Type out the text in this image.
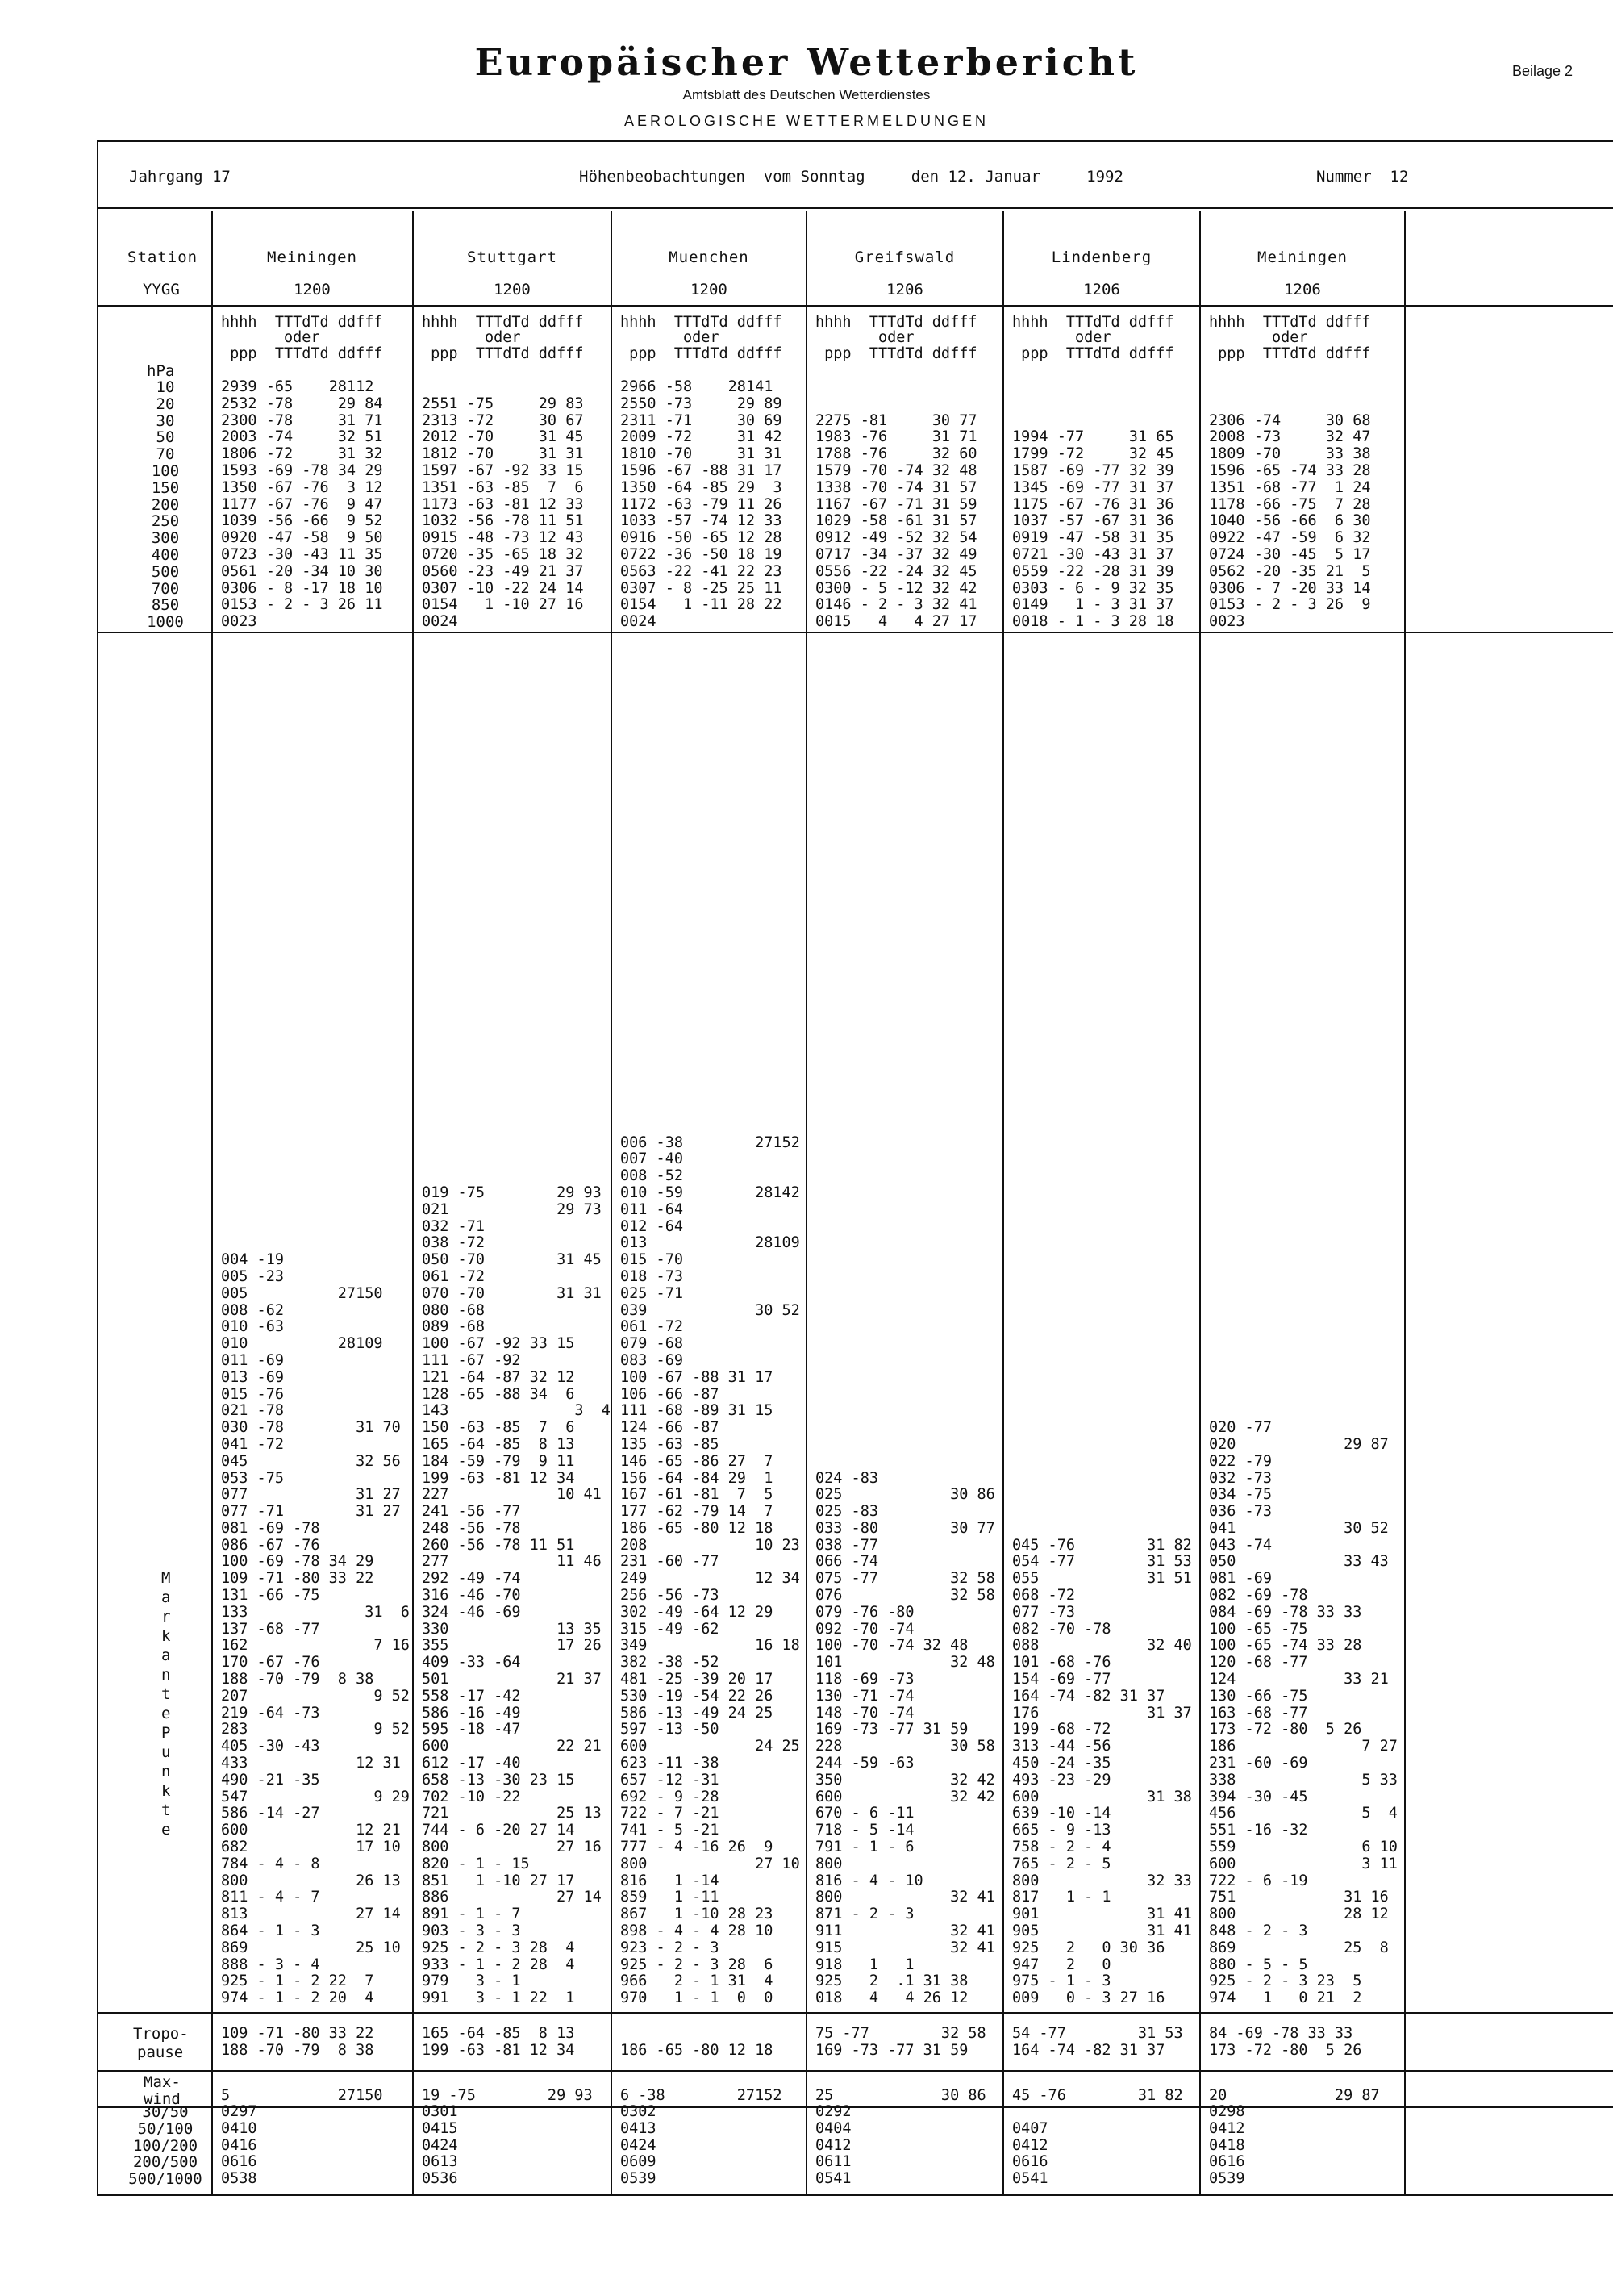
Europäischer Wetterbericht
Amtsblatt des Deutschen Wetterdienstes
AEROLOGISCHE WETTERMELDUNGEN
Beilage 2
Jahrgang 17	Höhenbeobachtungen  vom Sonntag     den 12. Januar     1992	Nummer  12
Station
YYGG
hPa
10
20
30
50
70
100
150
200
250
300
400
500
700
850
1000
M
a
r
k
a
n
t
e
P
u
n
k
t
e
Tropo-
pause
Max-
wind
30/50
50/100
100/200
200/500
500/1000
Meiningen
1200
hhhh  TTTdTd ddfff
oder
ppp  TTTdTd ddfff
2939 -65    28112
2532 -78     29 84
2300 -78     31 71
2003 -74     32 51
1806 -72     31 32
1593 -69 -78 34 29
1350 -67 -76  3 12
1177 -67 -76  9 47
1039 -56 -66  9 52
0920 -47 -58  9 50
0723 -30 -43 11 35
0561 -20 -34 10 30
0306 - 8 -17 18 10
0153 - 2 - 3 26 11
0023
004 -19
005 -23
005          27150
008 -62
010 -63
010          28109
011 -69
013 -69
015 -76
021 -78
030 -78        31 70
041 -72
045            32 56
053 -75
077            31 27
077 -71        31 27
081 -69 -78
086 -67 -76
100 -69 -78 34 29
109 -71 -80 33 22
131 -66 -75
133             31  6
137 -68 -77
162              7 16
170 -67 -76
188 -70 -79  8 38
207              9 52
219 -64 -73
283              9 52
405 -30 -43
433            12 31
490 -21 -35
547              9 29
586 -14 -27
600            12 21
682            17 10
784 - 4 - 8
800            26 13
811 - 4 - 7
813            27 14
864 - 1 - 3
869            25 10
888 - 3 - 4
925 - 1 - 2 22  7
974 - 1 - 2 20  4
109 -71 -80 33 22
188 -70 -79  8 38
5            27150
0297
0410
0416
0616
0538
Stuttgart
1200
hhhh  TTTdTd ddfff
oder
ppp  TTTdTd ddfff

2551 -75     29 83
2313 -72     30 67
2012 -70     31 45
1812 -70     31 31
1597 -67 -92 33 15
1351 -63 -85  7  6
1173 -63 -81 12 33
1032 -56 -78 11 51
0915 -48 -73 12 43
0720 -35 -65 18 32
0560 -23 -49 21 37
0307 -10 -22 24 14
0154   1 -10 27 16
0024
019 -75        29 93
021            29 73
032 -71
038 -72
050 -70        31 45
061 -72
070 -70        31 31
080 -68
089 -68
100 -67 -92 33 15
111 -67 -92
121 -64 -87 32 12
128 -65 -88 34  6
143              3  4
150 -63 -85  7  6
165 -64 -85  8 13
184 -59 -79  9 11
199 -63 -81 12 34
227            10 41
241 -56 -77
248 -56 -78
260 -56 -78 11 51
277            11 46
292 -49 -74
316 -46 -70
324 -46 -69
330            13 35
355            17 26
409 -33 -64
501            21 37
558 -17 -42
586 -16 -49
595 -18 -47
600            22 21
612 -17 -40
658 -13 -30 23 15
702 -10 -22
721            25 13
744 - 6 -20 27 14
800            27 16
820 - 1 - 15
851   1 -10 27 17
886            27 14
891 - 1 - 7
903 - 3 - 3
925 - 2 - 3 28  4
933 - 1 - 2 28  4
979   3 - 1
991   3 - 1 22  1
165 -64 -85  8 13
199 -63 -81 12 34
19 -75        29 93
0301
0415
0424
0613
0536
Muenchen
1200
hhhh  TTTdTd ddfff
oder
ppp  TTTdTd ddfff
2966 -58    28141
2550 -73     29 89
2311 -71     30 69
2009 -72     31 42
1810 -70     31 31
1596 -67 -88 31 17
1350 -64 -85 29  3
1172 -63 -79 11 26
1033 -57 -74 12 33
0916 -50 -65 12 28
0722 -36 -50 18 19
0563 -22 -41 22 23
0307 - 8 -25 25 11
0154   1 -11 28 22
0024
006 -38        27152
007 -40
008 -52
010 -59        28142
011 -64
012 -64
013            28109
015 -70
018 -73
025 -71
039            30 52
061 -72
079 -68
083 -69
100 -67 -88 31 17
106 -66 -87
111 -68 -89 31 15
124 -66 -87
135 -63 -85
146 -65 -86 27  7
156 -64 -84 29  1
167 -61 -81  7  5
177 -62 -79 14  7
186 -65 -80 12 18
208            10 23
231 -60 -77
249            12 34
256 -56 -73
302 -49 -64 12 29
315 -49 -62
349            16 18
382 -38 -52
481 -25 -39 20 17
530 -19 -54 22 26
586 -13 -49 24 25
597 -13 -50
600            24 25
623 -11 -38
657 -12 -31
692 - 9 -28
722 - 7 -21
741 - 5 -21
777 - 4 -16 26  9
800            27 10
816   1 -14
859   1 -11
867   1 -10 28 23
898 - 4 - 4 28 10
923 - 2 - 3
925 - 2 - 3 28  6
966   2 - 1 31  4
970   1 - 1  0  0

186 -65 -80 12 18
6 -38        27152
0302
0413
0424
0609
0539
Greifswald
1206
hhhh  TTTdTd ddfff
oder
ppp  TTTdTd ddfff

2275 -81     30 77
1983 -76     31 71
1788 -76     32 60
1579 -70 -74 32 48
1338 -70 -74 31 57
1167 -67 -71 31 59
1029 -58 -61 31 57
0912 -49 -52 32 54
0717 -34 -37 32 49
0556 -22 -24 32 45
0300 - 5 -12 32 42
0146 - 2 - 3 32 41
0015   4   4 27 17
024 -83
025            30 86
025 -83
033 -80        30 77
038 -77
066 -74
075 -77        32 58
076            32 58
079 -76 -80
092 -70 -74
100 -70 -74 32 48
101            32 48
118 -69 -73
130 -71 -74
148 -70 -74
169 -73 -77 31 59
228            30 58
244 -59 -63
350            32 42
600            32 42
670 - 6 -11
718 - 5 -14
791 - 1 - 6
800
816 - 4 - 10
800            32 41
871 - 2 - 3
911            32 41
915            32 41
918   1   1
925   2  .1 31 38
018   4   4 26 12
75 -77        32 58
169 -73 -77 31 59
25            30 86
0292
0404
0412
0611
0541
Lindenberg
1206
hhhh  TTTdTd ddfff
oder
ppp  TTTdTd ddfff

1994 -77     31 65
1799 -72     32 45
1587 -69 -77 32 39
1345 -69 -77 31 37
1175 -67 -76 31 36
1037 -57 -67 31 36
0919 -47 -58 31 35
0721 -30 -43 31 37
0559 -22 -28 31 39
0303 - 6 - 9 32 35
0149   1 - 3 31 37
0018 - 1 - 3 28 18
045 -76        31 82
054 -77        31 53
055            31 51
068 -72
077 -73
082 -70 -78
088            32 40
101 -68 -76
154 -69 -77
164 -74 -82 31 37
176            31 37
199 -68 -72
313 -44 -56
450 -24 -35
493 -23 -29
600            31 38
639 -10 -14
665 - 9 -13
758 - 2 - 4
765 - 2 - 5
800            32 33
817   1 - 1
901            31 41
905            31 41
925   2   0 30 36
947   2   0
975 - 1 - 3
009   0 - 3 27 16
54 -77        31 53
164 -74 -82 31 37
45 -76        31 82

0407
0412
0616
0541
Meiningen
1206
hhhh  TTTdTd ddfff
oder
ppp  TTTdTd ddfff

2306 -74     30 68
2008 -73     32 47
1809 -70     33 38
1596 -65 -74 33 28
1351 -68 -77  1 24
1178 -66 -75  7 28
1040 -56 -66  6 30
0922 -47 -59  6 32
0724 -30 -45  5 17
0562 -20 -35 21  5
0306 - 7 -20 33 14
0153 - 2 - 3 26  9
0023
020 -77
020            29 87
022 -79
032 -73
034 -75
036 -73
041            30 52
043 -74
050            33 43
081 -69
082 -69 -78
084 -69 -78 33 33
100 -65 -75
100 -65 -74 33 28
120 -68 -77
124            33 21
130 -66 -75
163 -68 -77
173 -72 -80  5 26
186              7 27
231 -60 -69
338              5 33
394 -30 -45
456              5  4
551 -16 -32
559              6 10
600              3 11
722 - 6 -19
751            31 16
800            28 12
848 - 2 - 3
869            25  8
880 - 5 - 5
925 - 2 - 3 23  5
974   1   0 21  2
84 -69 -78 33 33
173 -72 -80  5 26
20            29 87
0298
0412
0418
0616
0539
